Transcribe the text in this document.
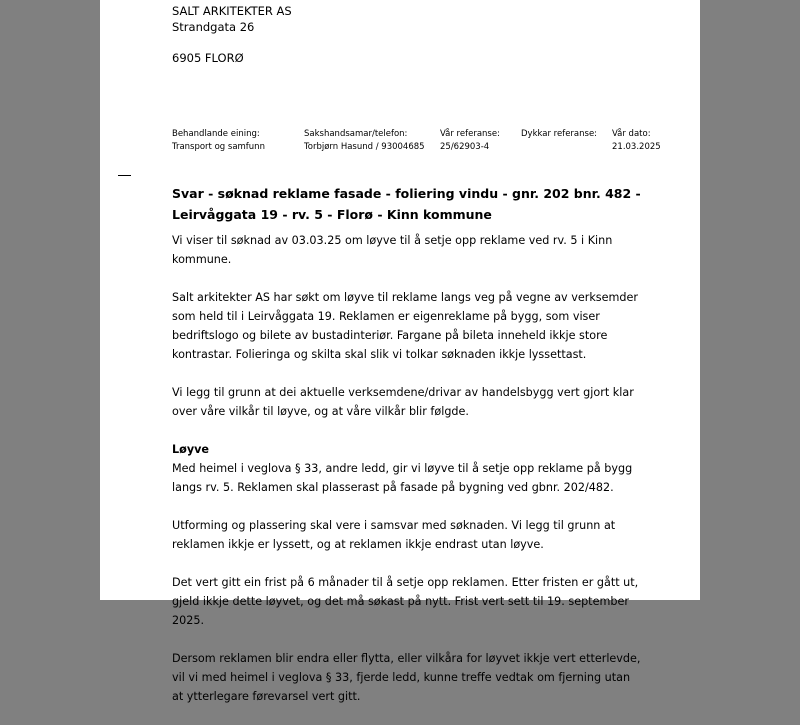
SALT ARKITEKTER AS
Strandgata 26
6905 FLORØ
Behandlande eining:
Transport og samfunn
Sakshandsamar/telefon:
Torbjørn Hasund / 93004685
Vår referanse:
25/62903-4
Dykkar referanse: Vår dato:
21.03.2025
Svar - søknad reklame fasade - foliering vindu - gnr. 202 bnr. 482 - Leirvåggata 19 - rv. 5 - Florø - Kinn kommune

Vi viser til søknad av 03.03.25 om løyve til å setje opp reklame ved rv. 5 i Kinn kommune.

Salt arkitekter AS har søkt om løyve til reklame langs veg på vegne av verksemder som held til i Leirvåggata 19. Reklamen er eigenreklame på bygg, som viser bedriftslogo og bilete av bustadinteriør. Fargane på bileta inneheld ikkje store kontrastar. Folieringa og skilta skal slik vi tolkar søknaden ikkje lyssettast.

Vi legg til grunn at dei aktuelle verksemdene/drivar av handelsbygg vert gjort klar over våre vilkår til løyve, og at våre vilkår blir følgde.

Løyve

Med heimel i veglova § 33, andre ledd, gir vi løyve til å setje opp reklame på bygg langs rv. 5. Reklamen skal plasserast på fasade på bygning ved gbnr. 202/482.

Utforming og plassering skal vere i samsvar med søknaden. Vi legg til grunn at reklamen ikkje er lyssett, og at reklamen ikkje endrast utan løyve.

Det vert gitt ein frist på 6 månader til å setje opp reklamen. Etter fristen er gått ut, gjeld ikkje dette løyvet, og det må søkast på nytt. Frist vert sett til 19. september 2025.

Dersom reklamen blir endra eller flytta, eller vilkåra for løyvet ikkje vert etterlevde, vil vi med heimel i veglova § 33, fjerde ledd, kunne treffe vedtak om fjerning utan at ytterlegare førevarsel vert gitt.
